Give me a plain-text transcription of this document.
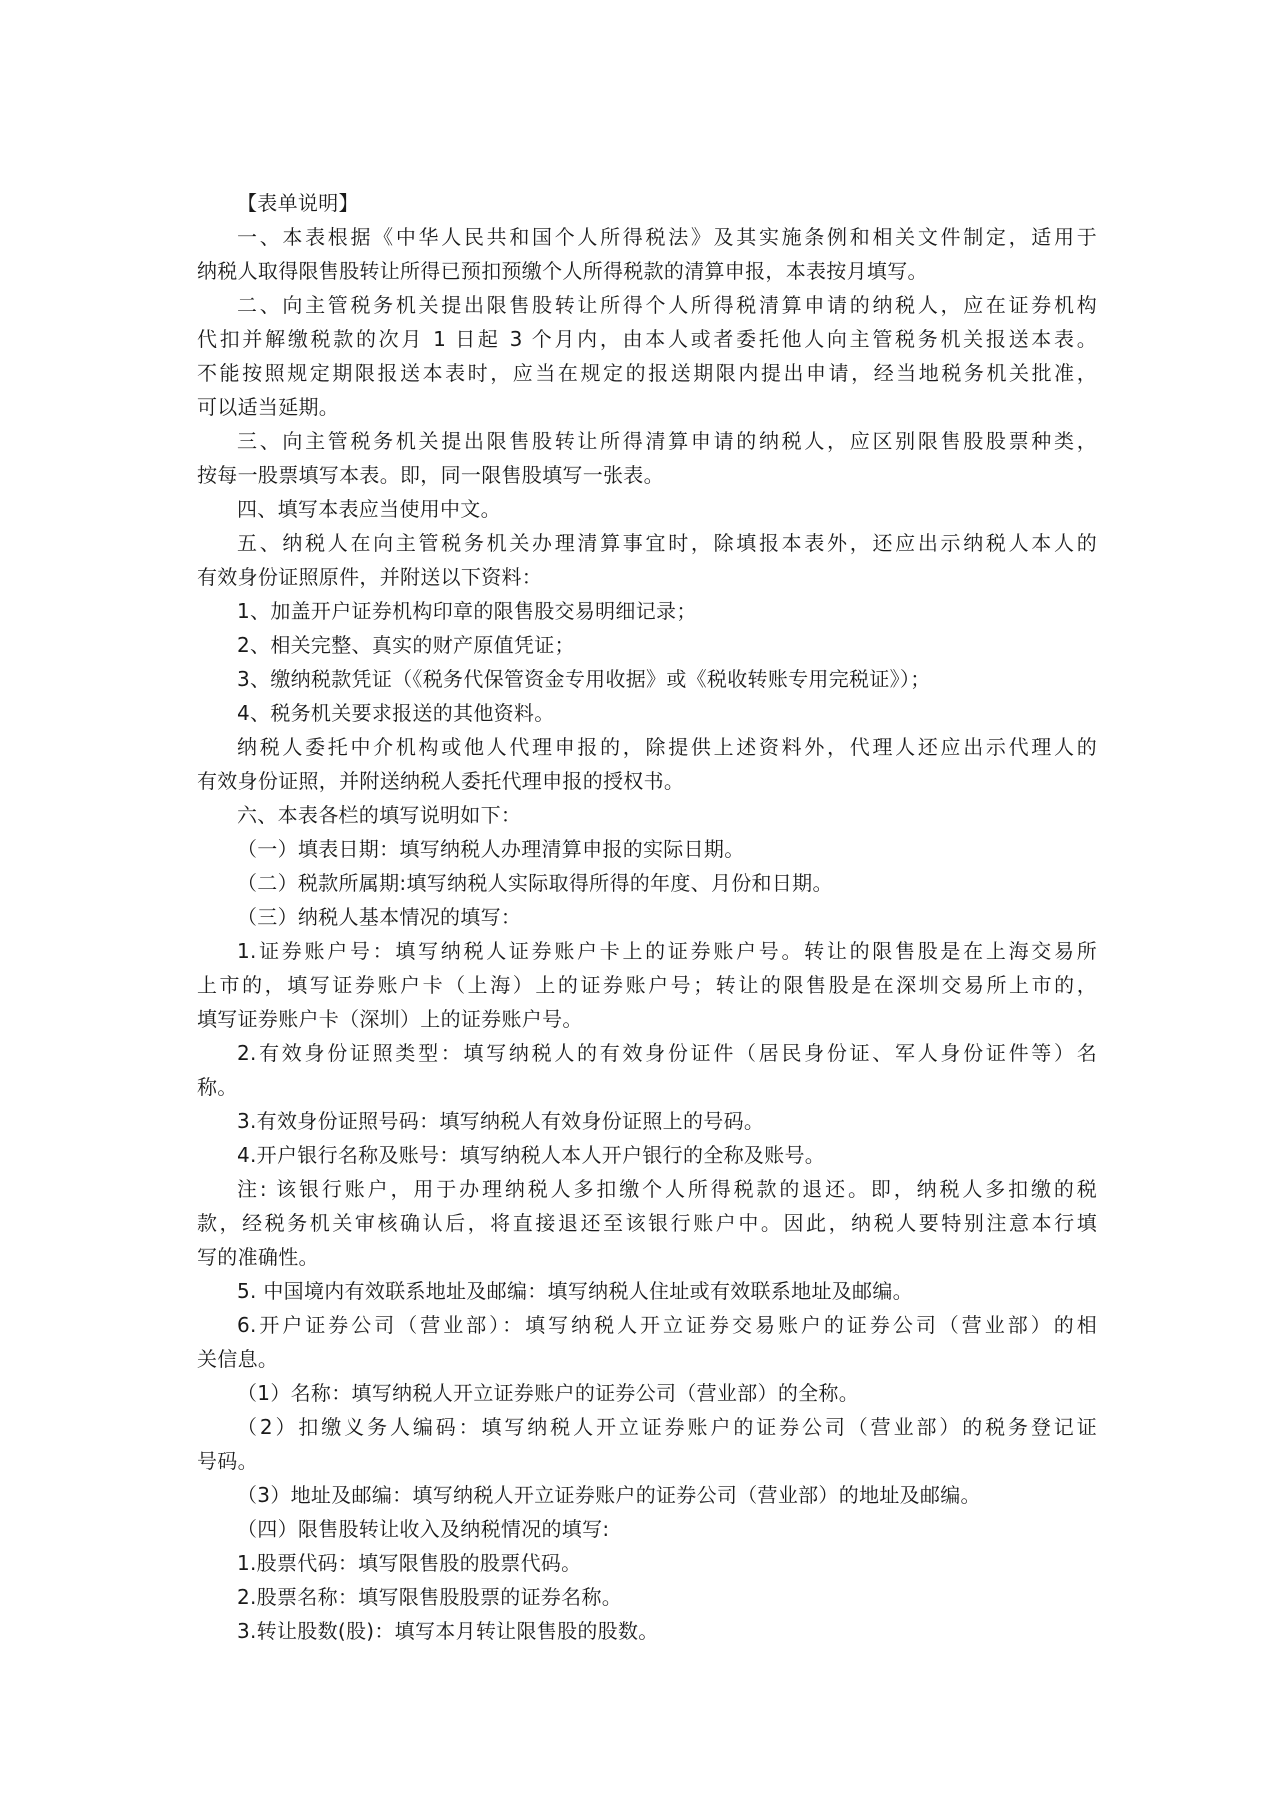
【表单说明】
一、本表根据《中华人民共和国个人所得税法》及其实施条例和相关文件制定，适用于
纳税人取得限售股转让所得已预扣预缴个人所得税款的清算申报，本表按月填写。
二、向主管税务机关提出限售股转让所得个人所得税清算申请的纳税人，应在证券机构
代扣并解缴税款的次月 1 日起 3 个月内，由本人或者委托他人向主管税务机关报送本表。
不能按照规定期限报送本表时，应当在规定的报送期限内提出申请，经当地税务机关批准，
可以适当延期。
三、向主管税务机关提出限售股转让所得清算申请的纳税人，应区别限售股股票种类，
按每一股票填写本表。即，同一限售股填写一张表。
四、填写本表应当使用中文。
五、纳税人在向主管税务机关办理清算事宜时，除填报本表外，还应出示纳税人本人的
有效身份证照原件，并附送以下资料：
1、加盖开户证券机构印章的限售股交易明细记录；
2、相关完整、真实的财产原值凭证；
3、缴纳税款凭证（《税务代保管资金专用收据》或《税收转账专用完税证》）；
4、税务机关要求报送的其他资料。
纳税人委托中介机构或他人代理申报的，除提供上述资料外，代理人还应出示代理人的
有效身份证照，并附送纳税人委托代理申报的授权书。
六、本表各栏的填写说明如下：
（一）填表日期：填写纳税人办理清算申报的实际日期。
（二）税款所属期:填写纳税人实际取得所得的年度、月份和日期。
（三）纳税人基本情况的填写：
1.证券账户号：填写纳税人证券账户卡上的证券账户号。转让的限售股是在上海交易所
上市的，填写证券账户卡（上海）上的证券账户号；转让的限售股是在深圳交易所上市的，
填写证券账户卡（深圳）上的证券账户号。
2.有效身份证照类型：填写纳税人的有效身份证件（居民身份证、军人身份证件等）名
称。
3.有效身份证照号码：填写纳税人有效身份证照上的号码。
4.开户银行名称及账号：填写纳税人本人开户银行的全称及账号。
注: 该银行账户，用于办理纳税人多扣缴个人所得税款的退还。即，纳税人多扣缴的税
款，经税务机关审核确认后，将直接退还至该银行账户中。因此，纳税人要特别注意本行填
写的准确性。
5. 中国境内有效联系地址及邮编：填写纳税人住址或有效联系地址及邮编。
6.开户证券公司（营业部）：填写纳税人开立证券交易账户的证券公司（营业部）的相
关信息。
（1）名称：填写纳税人开立证券账户的证券公司（营业部）的全称。
（2）扣缴义务人编码：填写纳税人开立证券账户的证券公司（营业部）的税务登记证
号码。
（3）地址及邮编：填写纳税人开立证券账户的证券公司（营业部）的地址及邮编。
（四）限售股转让收入及纳税情况的填写:
1.股票代码：填写限售股的股票代码。
2.股票名称：填写限售股股票的证券名称。
3.转让股数(股)：填写本月转让限售股的股数。
